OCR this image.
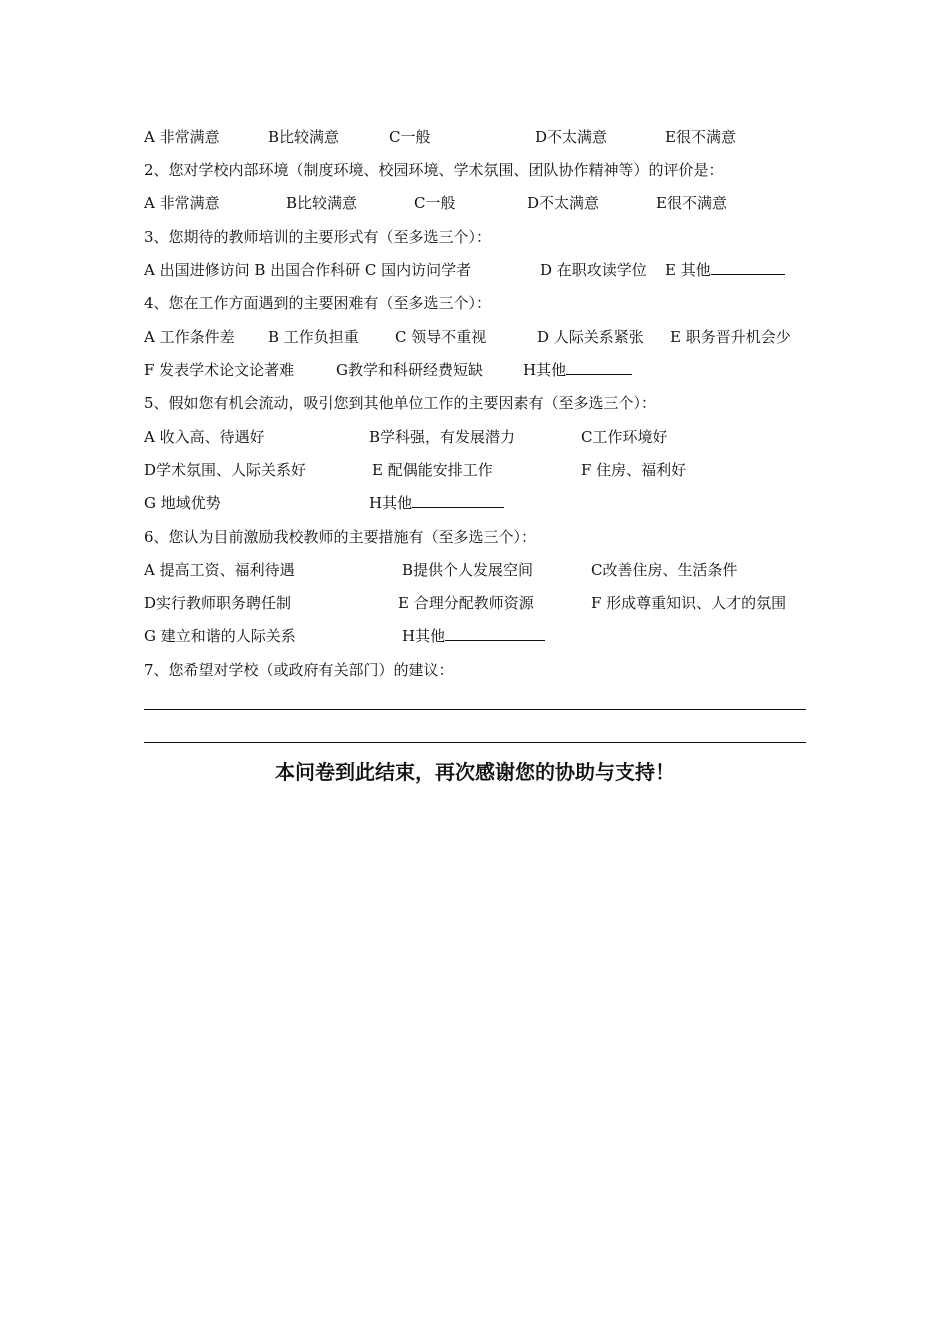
A 非常满意	B比较满意	C一般	D不太满意	E很不满意
2、您对学校内部环境（制度环境、校园环境、学术氛围、团队协作精神等）的评价是：
A 非常满意	B比较满意	C一般	D不太满意	E很不满意
3、您期待的教师培训的主要形式有（至多选三个）：
A 出国进修访问 B 出国合作科研 C 国内访问学者	D 在职攻读学位 E 其他
4、您在工作方面遇到的主要困难有（至多选三个）：
A 工作条件差 B 工作负担重 C 领导不重视	D 人际关系紧张 E 职务晋升机会少
F 发表学术论文论著难	G教学和科研经费短缺	H其他
5、假如您有机会流动，吸引您到其他单位工作的主要因素有（至多选三个）：
A 收入高、待遇好	B学科强，有发展潜力	C工作环境好
D学术氛围、人际关系好	E 配偶能安排工作	F 住房、福利好
G 地域优势	H其他
6、您认为目前激励我校教师的主要措施有（至多选三个）：
A 提高工资、福利待遇	B提供个人发展空间	C改善住房、生活条件
D实行教师职务聘任制	E 合理分配教师资源	F 形成尊重知识、人才的氛围
G 建立和谐的人际关系	H其他
7、您希望对学校（或政府有关部门）的建议：
本问卷到此结束，再次感谢您的协助与支持！
